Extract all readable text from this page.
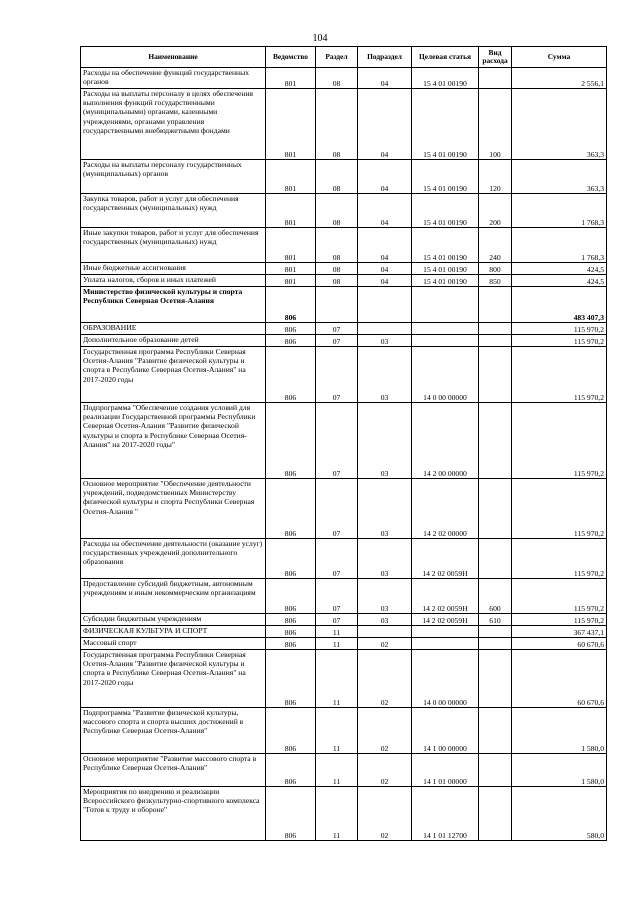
104
Наименование	Ведомство	Раздел	Подраздел	Целевая статья	Вид расхода	Сумма
Расходы на обеспечение функций государственных органов	801	08	04	15 4 01 00190		2 556,1
Расходы на выплаты персоналу в целях обеспечения выполнения функций государственными (муниципальными) органами, казенными учреждениями, органами управления государственными внебюджетными фондами	801	08	04	15 4 01 00190	100	363,3
Расходы на выплаты персоналу государственных (муниципальных) органов	801	08	04	15 4 01 00190	120	363,3
Закупка товаров, работ и услуг для обеспечения государственных (муниципальных) нужд	801	08	04	15 4 01 00190	200	1 768,3
Иные закупки товаров, работ и услуг для обеспечения государственных (муниципальных) нужд	801	08	04	15 4 01 00190	240	1 768,3
Иные бюджетные ассигнования	801	08	04	15 4 01 00190	800	424,5
Уплата налогов, сборов и иных платежей	801	08	04	15 4 01 00190	850	424,5
Министерство физической культуры и спорта Республики Северная Осетия-Алания	806					483 407,3
ОБРАЗОВАНИЕ	806	07				115 970,2
Дополнительное образование детей	806	07	03			115 970,2
Государственная программа Республики Северная Осетия-Алания "Развитие физической культуры и спорта в Республике Северная Осетия-Алания" на 2017-2020 годы	806	07	03	14 0 00 00000		115 970,2
Подпрограмма "Обеспечение создания условий для реализации Государственной программы Республики Северная Осетия-Алания "Развитие физической культуры и спорта в Республике Северная Осетия-Алания" на 2017-2020 годы"	806	07	03	14 2 00 00000		115 970,2
Основное мероприятие "Обеспечение деятельности учреждений, подведомственных Министерству физической культуры и спорта Республики Северная Осетия-Алания "	806	07	03	14 2 02 00000		115 970,2
Расходы на обеспечение деятельности (оказание услуг) государственных учреждений дополнительного образования	806	07	03	14 2 02 0059Н		115 970,2
Предоставление субсидий бюджетным, автономным учреждениям и иным некоммерческим организациям	806	07	03	14 2 02 0059Н	600	115 970,2
Субсидии бюджетным учреждениям	806	07	03	14 2 02 0059Н	610	115 970,2
ФИЗИЧЕСКАЯ КУЛЬТУРА И СПОРТ	806	11				367 437,1
Массовый спорт	806	11	02			60 670,6
Государственная программа Республики Северная Осетия-Алания "Развитие физической культуры и спорта в Республике Северная Осетия-Алания" на 2017-2020 годы	806	11	02	14 0 00 00000		60 670,6
Подпрограмма "Развитие физической культуры, массового спорта и спорта высших достижений в Республике Северная Осетия-Алания"	806	11	02	14 1 00 00000		1 580,0
Основное мероприятие "Развитие массового спорта в Республике Северная Осетия-Алания"	806	11	02	14 1 01 00000		1 580,0
Мероприятия по внедрению и реализации Всероссийского физкультурно-спортивного комплекса "Готов к труду и обороне"	806	11	02	14 1 01 12700		580,0
